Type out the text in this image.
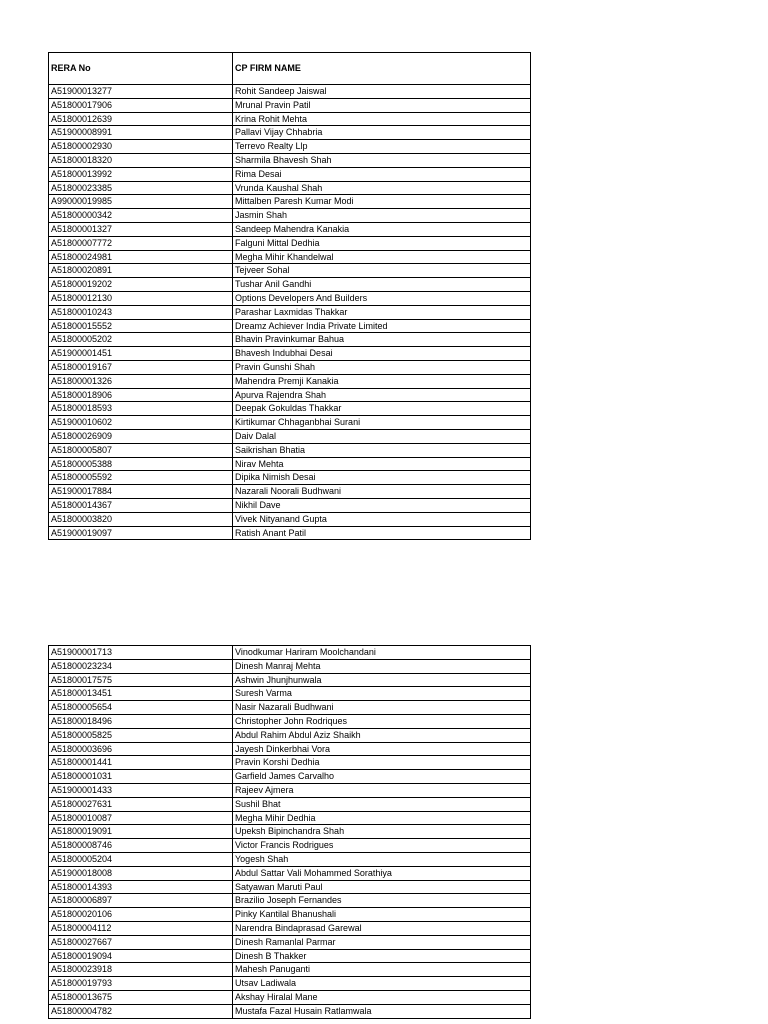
RERA No	CP FIRM NAME
A51900013277	Rohit Sandeep Jaiswal
A51800017906	Mrunal Pravin Patil
A51800012639	Krina Rohit Mehta
A51900008991	Pallavi Vijay Chhabria
A51800002930	Terrevo Realty Llp
A51800018320	Sharmila Bhavesh Shah
A51800013992	Rima Desai
A51800023385	Vrunda Kaushal Shah
A99000019985	Mittalben Paresh Kumar Modi
A51800000342	Jasmin Shah
A51800001327	Sandeep Mahendra Kanakia
A51800007772	Falguni Mittal Dedhia
A51800024981	Megha Mihir Khandelwal
A51800020891	Tejveer Sohal
A51800019202	Tushar Anil Gandhi
A51800012130	Options Developers And Builders
A51800010243	Parashar Laxmidas Thakkar
A51800015552	Dreamz Achiever India Private Limited
A51800005202	Bhavin Pravinkumar Bahua
A51900001451	Bhavesh Indubhai Desai
A51800019167	Pravin Gunshi Shah
A51800001326	Mahendra Premji Kanakia
A51800018906	Apurva Rajendra Shah
A51800018593	Deepak Gokuldas Thakkar
A51900010602	Kirtikumar Chhaganbhai Surani
A51800026909	Daiv Dalal
A51800005807	Saikrishan Bhatia
A51800005388	Nirav Mehta
A51800005592	Dipika Nimish Desai
A51900017884	Nazarali Noorali Budhwani
A51800014367	Nikhil Dave
A51800003820	Vivek Nityanand Gupta
A51900019097	Ratish Anant Patil
A51900001713	Vinodkumar Hariram Moolchandani
A51800023234	Dinesh Manraj Mehta
A51800017575	Ashwin Jhunjhunwala
A51800013451	Suresh Varma
A51800005654	Nasir Nazarali Budhwani
A51800018496	Christopher John Rodriques
A51800005825	Abdul Rahim Abdul Aziz Shaikh
A51800003696	Jayesh Dinkerbhai Vora
A51800001441	Pravin Korshi Dedhia
A51800001031	Garfield James Carvalho
A51900001433	Rajeev Ajmera
A51800027631	Sushil Bhat
A51800010087	Megha Mihir Dedhia
A51800019091	Upeksh Bipinchandra Shah
A51800008746	Victor Francis Rodrigues
A51800005204	Yogesh Shah
A51900018008	Abdul Sattar Vali Mohammed Sorathiya
A51800014393	Satyawan Maruti Paul
A51800006897	Brazilio Joseph Fernandes
A51800020106	Pinky Kantilal Bhanushali
A51800004112	Narendra Bindaprasad Garewal
A51800027667	Dinesh Ramanlal Parmar
A51800019094	Dinesh B Thakker
A51800023918	Mahesh Panuganti
A51800019793	Utsav Ladiwala
A51800013675	Akshay Hiralal Mane
A51800004782	Mustafa Fazal Husain Ratlamwala
